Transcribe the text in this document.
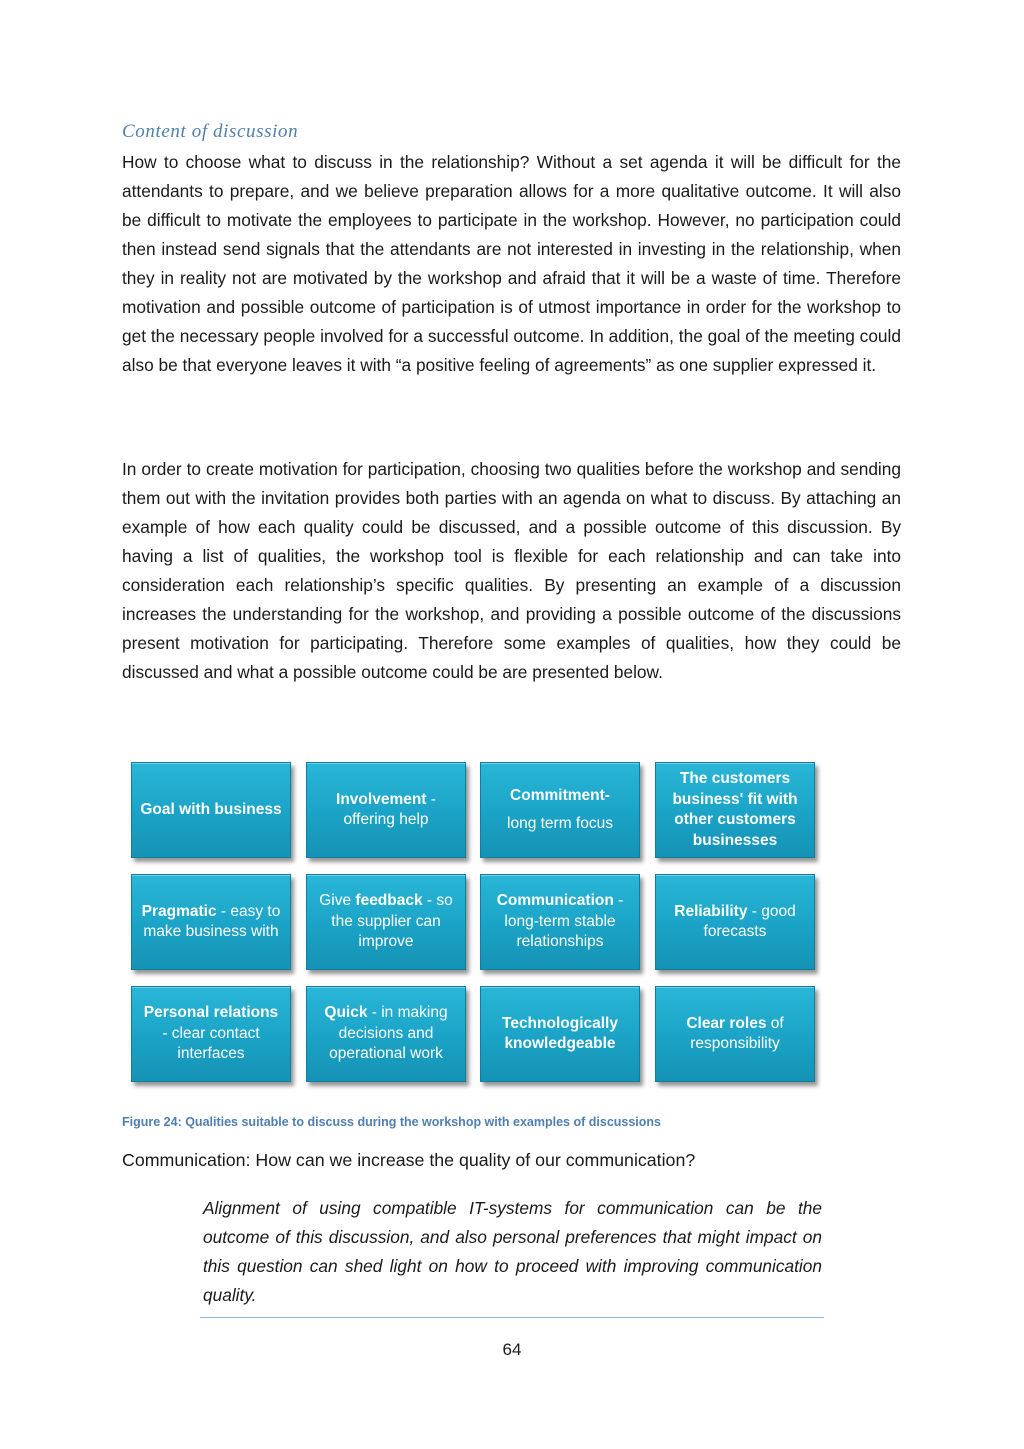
Content of discussion

How to choose what to discuss in the relationship? Without a set agenda it will be difficult for the attendants to prepare, and we believe preparation allows for a more qualitative outcome. It will also be difficult to motivate the employees to participate in the workshop. However, no participation could then instead send signals that the attendants are not interested in investing in the relationship, when they in reality not are motivated by the workshop and afraid that it will be a waste of time. Therefore motivation and possible outcome of participation is of utmost importance in order for the workshop to get the necessary people involved for a successful outcome. In addition, the goal of the meeting could also be that everyone leaves it with “a positive feeling of agreements” as one supplier expressed it.

In order to create motivation for participation, choosing two qualities before the workshop and sending them out with the invitation provides both parties with an agenda on what to discuss. By attaching an example of how each quality could be discussed, and a possible outcome of this discussion. By having a list of qualities, the workshop tool is flexible for each relationship and can take into consideration each relationship’s specific qualities. By presenting an example of a discussion increases the understanding for the workshop, and providing a possible outcome of the discussions present motivation for participating. Therefore some examples of qualities, how they could be discussed and what a possible outcome could be are presented below.

Goal with business
Involvement - offering help
Commitment-
long term focus
The customers business' fit with other customers businesses
Pragmatic - easy to make business with
Give feedback - so the supplier can improve
Communication - long-term stable relationships
Reliability - good forecasts
Personal relations - clear contact interfaces
Quick - in making decisions and operational work
Technologically knowledgeable
Clear roles of responsibility
Figure 24: Qualities suitable to discuss during the workshop with examples of discussions
Communication: How can we increase the quality of our communication?

Alignment of using compatible IT-systems for communication can be the outcome of this discussion, and also personal preferences that might impact on this question can shed light on how to proceed with improving communication quality.

64
